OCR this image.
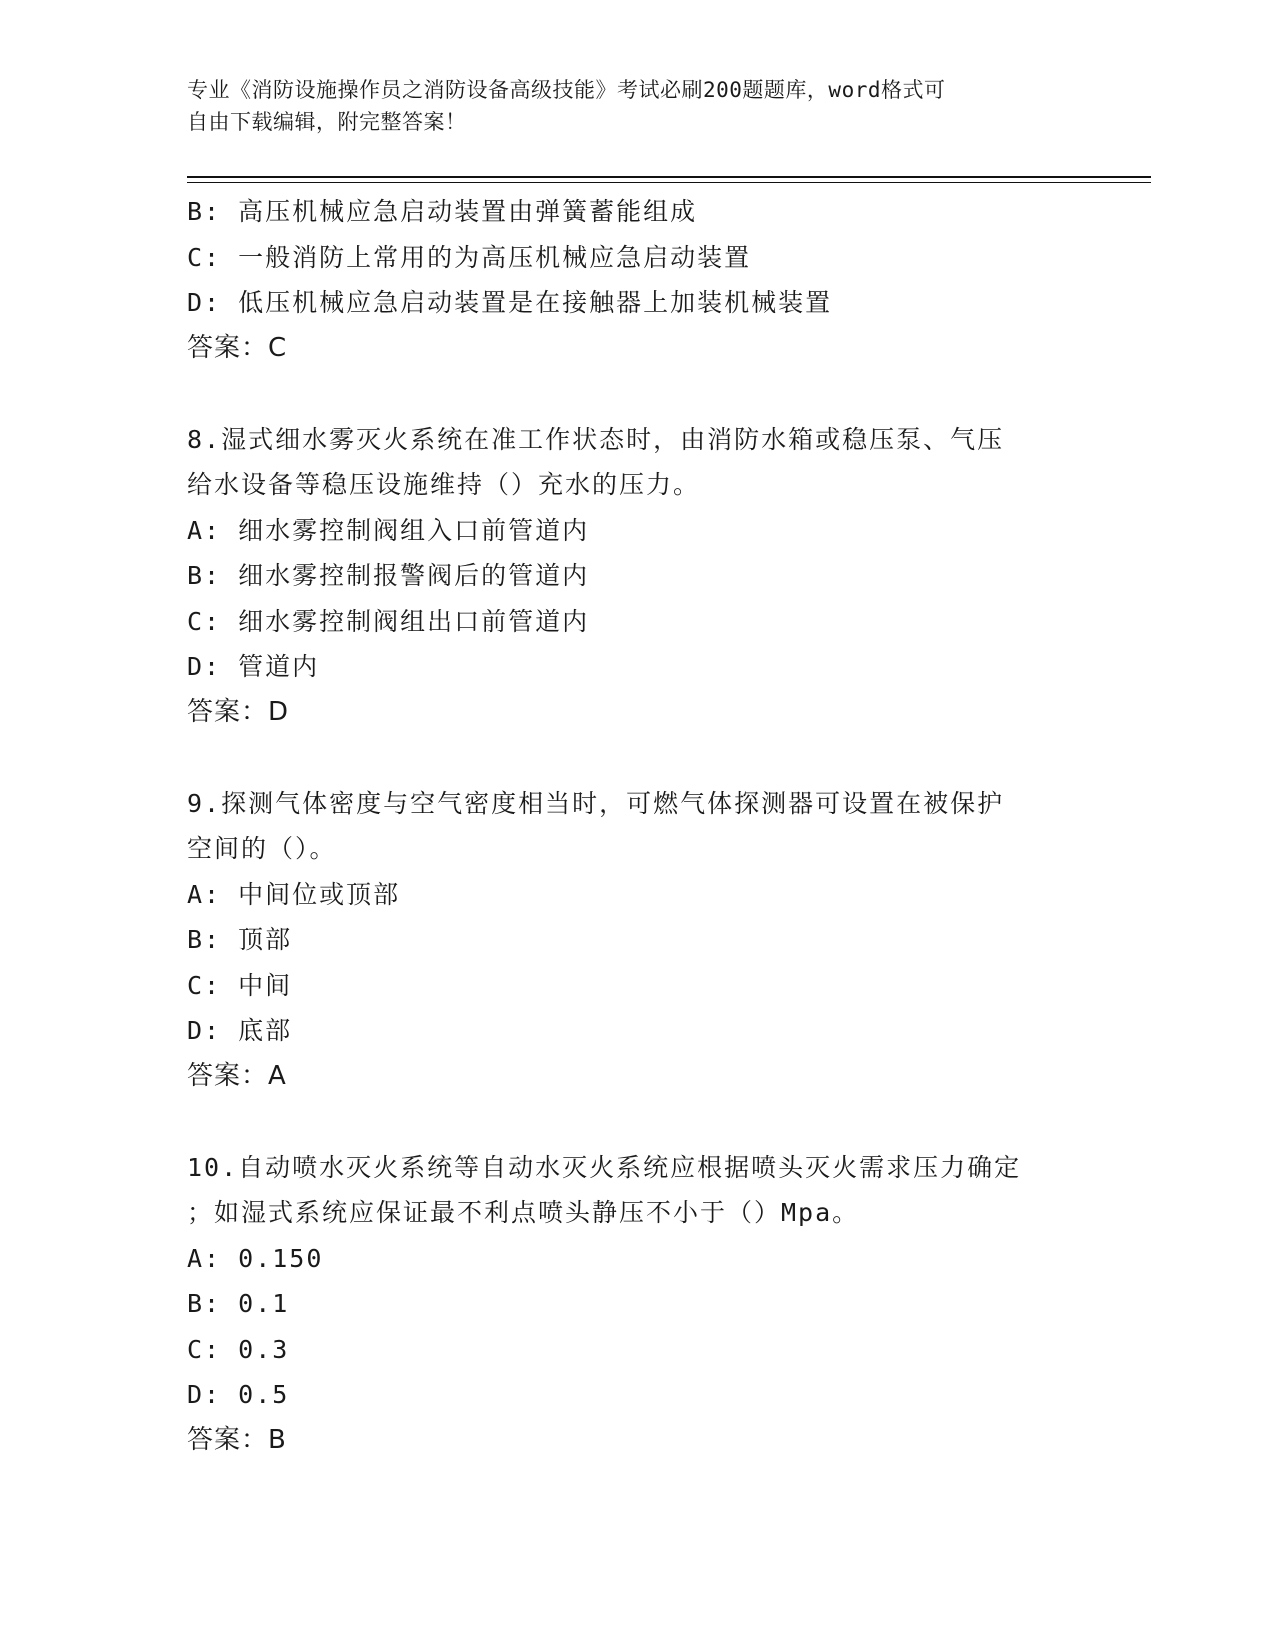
专业《消防设施操作员之消防设备高级技能》考试必刷200题题库，word格式可
自由下载编辑，附完整答案！
B: 高压机械应急启动装置由弹簧蓄能组成
C: 一般消防上常用的为高压机械应急启动装置
D: 低压机械应急启动装置是在接触器上加装机械装置
答案：C
8.湿式细水雾灭火系统在准工作状态时，由消防水箱或稳压泵、气压
给水设备等稳压设施维持（）充水的压力。
A: 细水雾控制阀组入口前管道内
B: 细水雾控制报警阀后的管道内
C: 细水雾控制阀组出口前管道内
D: 管道内
答案：D
9.探测气体密度与空气密度相当时，可燃气体探测器可设置在被保护
空间的（）。
A: 中间位或顶部
B: 顶部
C: 中间
D: 底部
答案：A
10.自动喷水灭火系统等自动水灭火系统应根据喷头灭火需求压力确定
；如湿式系统应保证最不利点喷头静压不小于（）Mpa。
A: 0.150
B: 0.1
C: 0.3
D: 0.5
答案：B
